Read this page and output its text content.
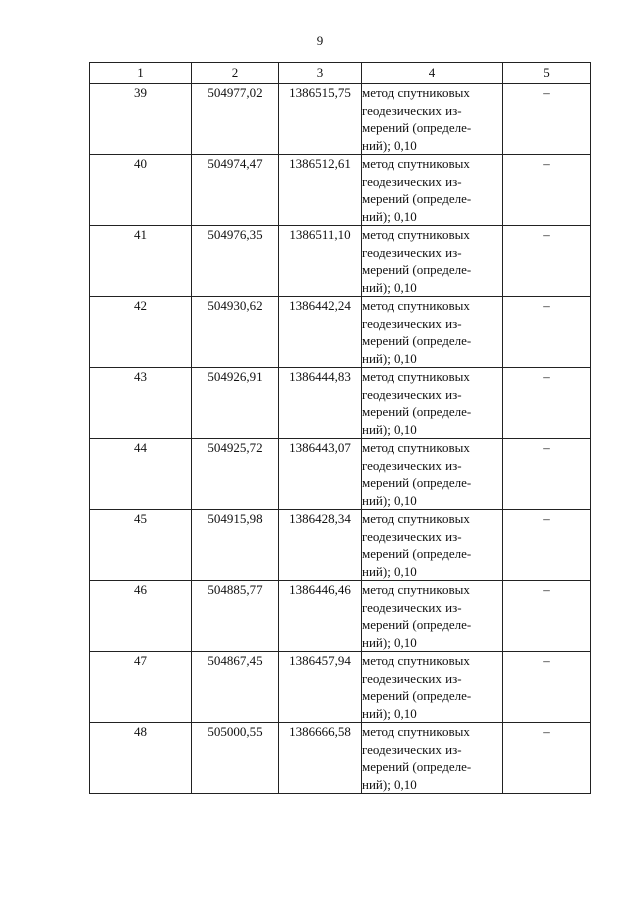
9
1	2	3	4	5
39	504977,02	1386515,75	метод спутниковых
геодезических из-
мерений (определе-
ний); 0,10	–
40	504974,47	1386512,61	метод спутниковых
геодезических из-
мерений (определе-
ний); 0,10	–
41	504976,35	1386511,10	метод спутниковых
геодезических из-
мерений (определе-
ний); 0,10	–
42	504930,62	1386442,24	метод спутниковых
геодезических из-
мерений (определе-
ний); 0,10	–
43	504926,91	1386444,83	метод спутниковых
геодезических из-
мерений (определе-
ний); 0,10	–
44	504925,72	1386443,07	метод спутниковых
геодезических из-
мерений (определе-
ний); 0,10	–
45	504915,98	1386428,34	метод спутниковых
геодезических из-
мерений (определе-
ний); 0,10	–
46	504885,77	1386446,46	метод спутниковых
геодезических из-
мерений (определе-
ний); 0,10	–
47	504867,45	1386457,94	метод спутниковых
геодезических из-
мерений (определе-
ний); 0,10	–
48	505000,55	1386666,58	метод спутниковых
геодезических из-
мерений (определе-
ний); 0,10	–
